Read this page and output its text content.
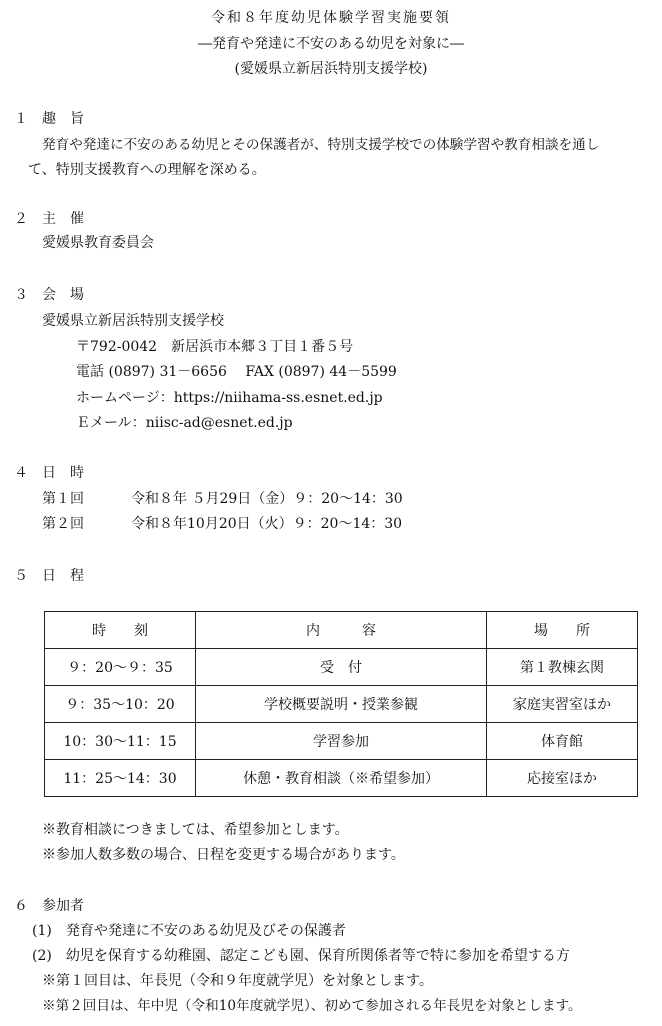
令和８年度幼児体験学習実施要領
―発育や発達に不安のある幼児を対象に―
(愛媛県立新居浜特別支援学校)
１　趣　旨
発育や発達に不安のある幼児とその保護者が、特別支援学校での体験学習や教育相談を通し
て、特別支援教育への理解を深める。
２　主　催
愛媛県教育委員会
３　会　場
愛媛県立新居浜特別支援学校
〒792-0042　新居浜市本郷３丁目１番５号
電話 (0897) 31－6656　 FAX (0897) 44－5599
ホームページ：https://niihama-ss.esnet.ed.jp
Ｅメール：niisc-ad@esnet.ed.jp
４　日　時
第１回	令和８年 ５月29日（金）９：20～14：30
第２回	令和８年10月20日（火）９：20～14：30
５　日　程
時　　刻	内　　　容	場　　所
９：20～９：35	受　付	第１教棟玄関
９：35～10：20	学校概要説明・授業参観	家庭実習室ほか
10：30～11：15	学習参加	体育館
11：25～14：30	休憩・教育相談（※希望参加）	応接室ほか
※教育相談につきましては、希望参加とします。
※参加人数多数の場合、日程を変更する場合があります。
６　参加者
(1)　発育や発達に不安のある幼児及びその保護者
(2)　幼児を保育する幼稚園、認定こども園、保育所関係者等で特に参加を希望する方
※第１回目は、年長児（令和９年度就学児）を対象とします。
※第２回目は、年中児（令和10年度就学児）、初めて参加される年長児を対象とします。
